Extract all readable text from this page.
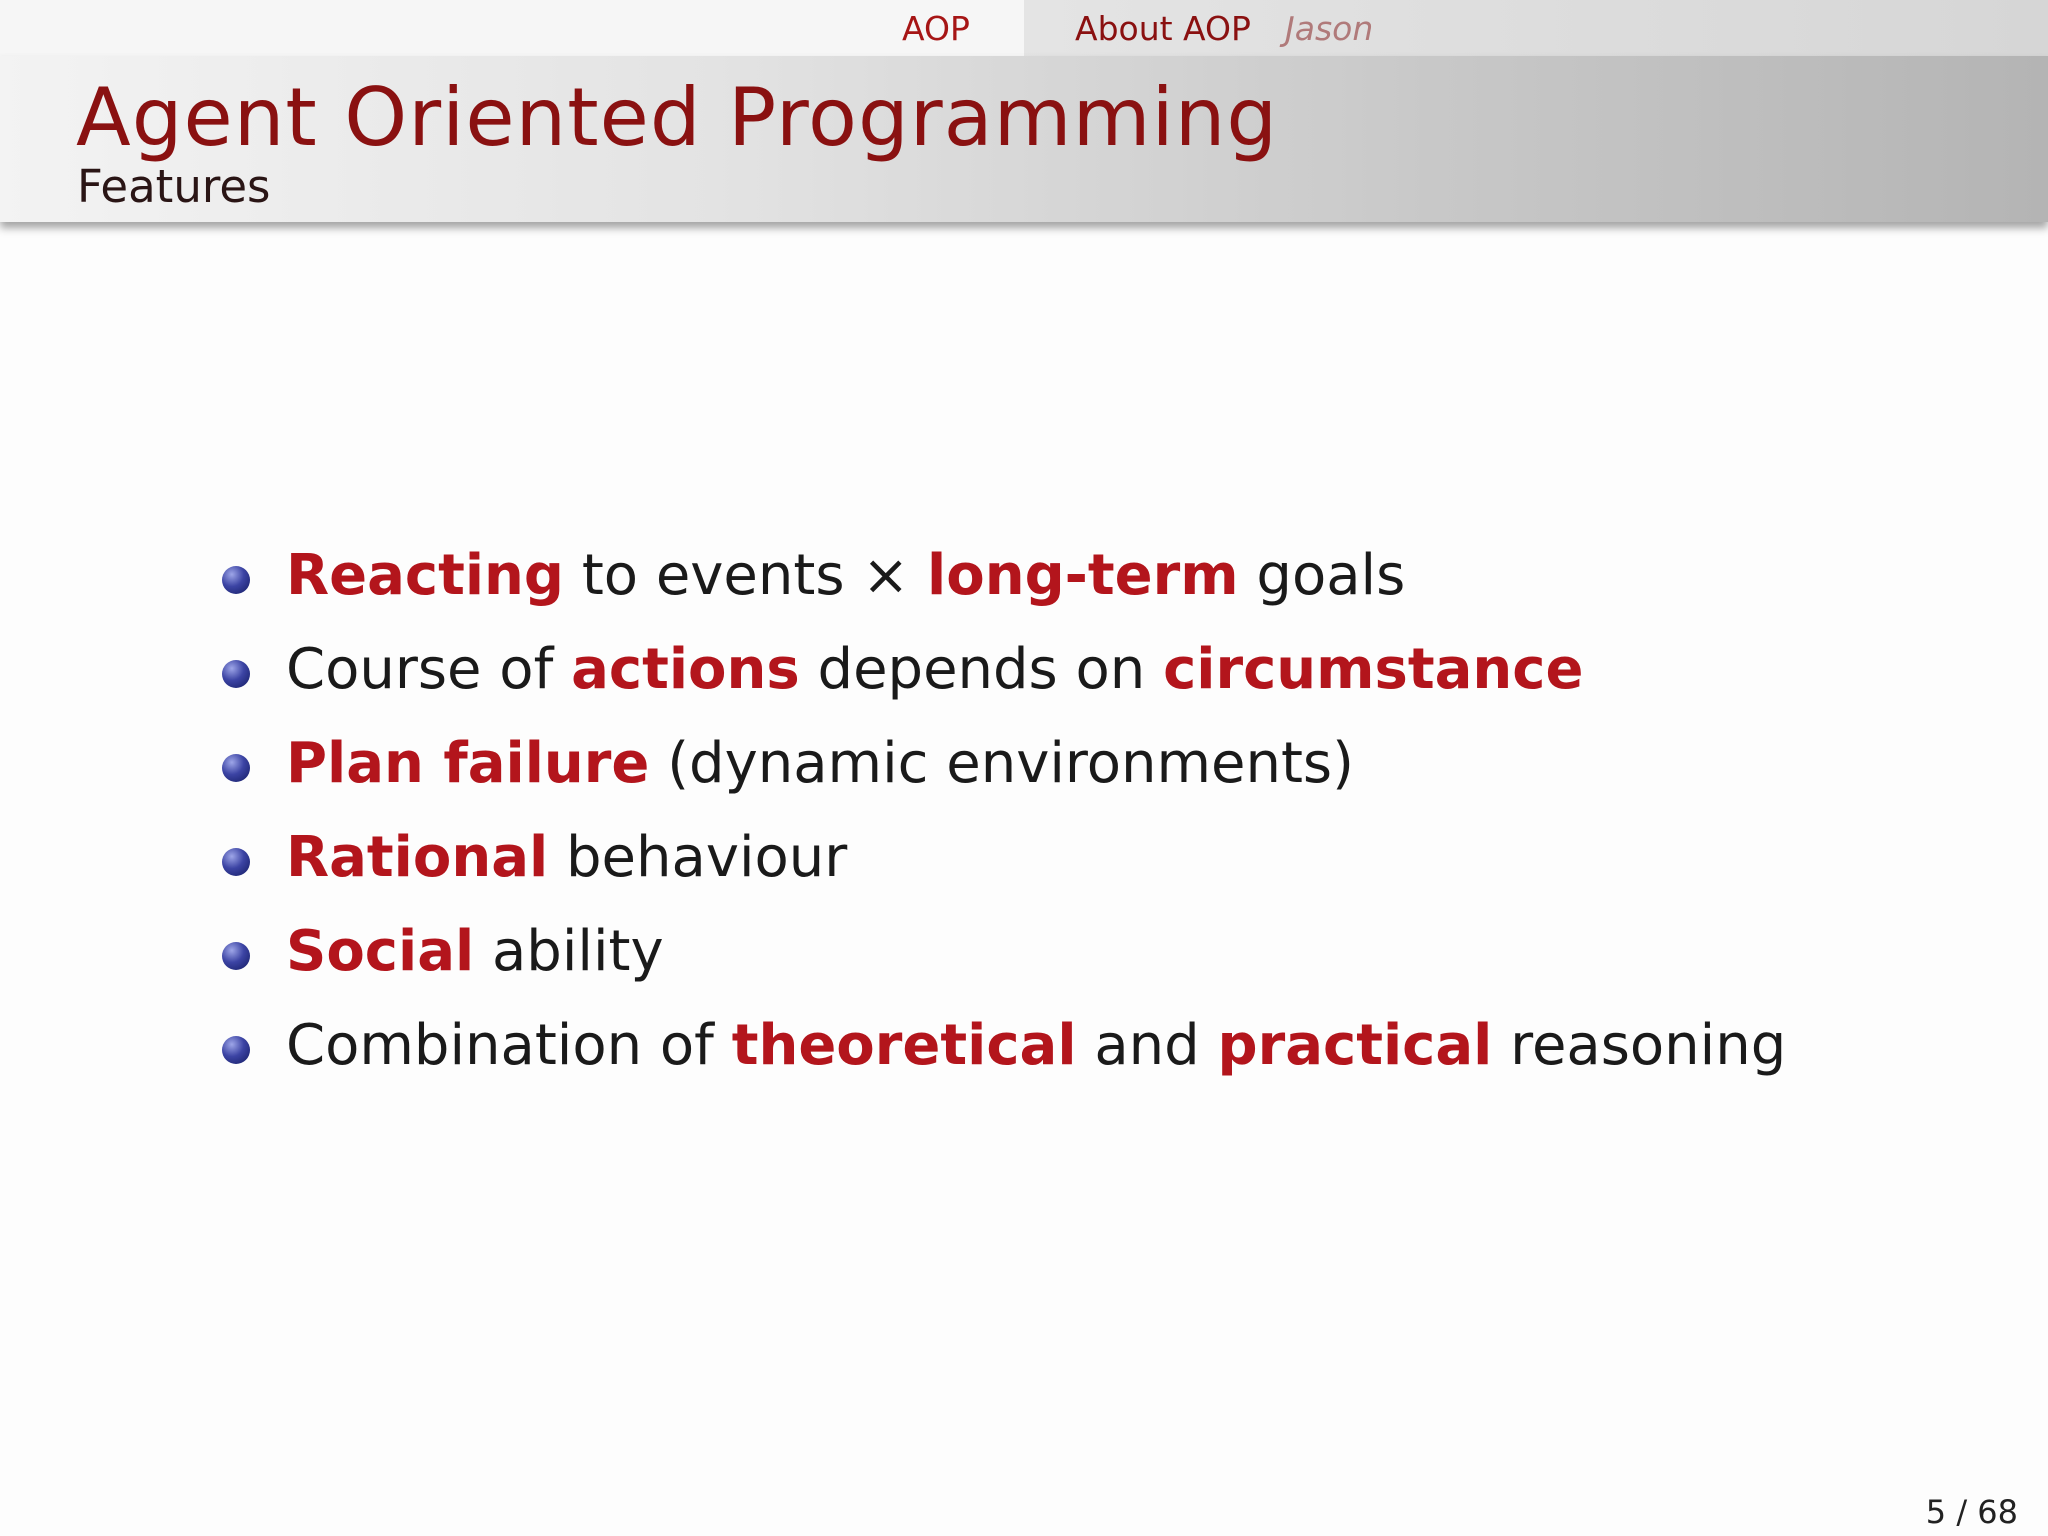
AOP	About AOP Jason
Agent Oriented Programming
Features
Reacting to events × long-term goals
Course of actions depends on circumstance
Plan failure (dynamic environments)
Rational behaviour
Social ability
Combination of theoretical and practical reasoning
5 / 68
